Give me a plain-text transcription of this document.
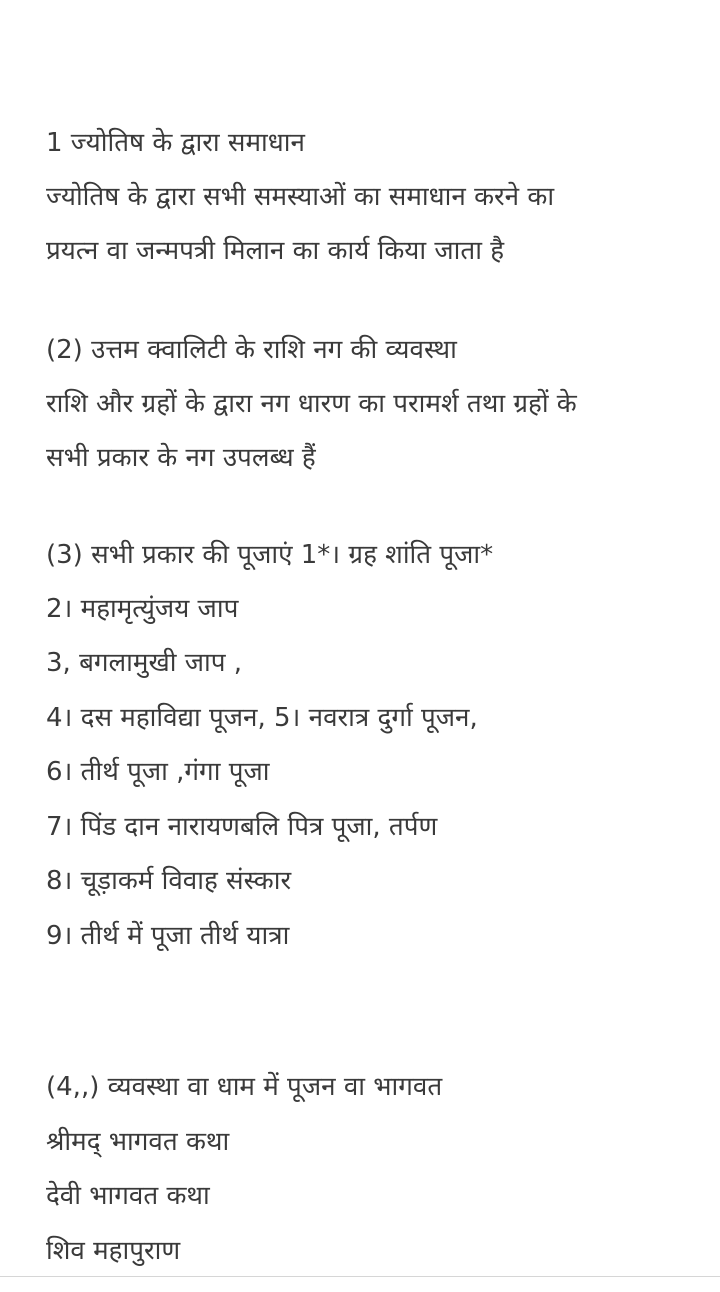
1 ज्योतिष के द्वारा समाधान
ज्योतिष के द्वारा सभी समस्याओं का समाधान करने का
प्रयत्न वा जन्मपत्री मिलान का कार्य किया जाता है
(2) उत्तम क्वालिटी के राशि नग की व्यवस्था
राशि और ग्रहों के द्वारा नग धारण का परामर्श तथा ग्रहों के
सभी प्रकार के नग उपलब्ध हैं
(3) सभी प्रकार की पूजाएं 1*। ग्रह शांति पूजा*
2। महामृत्युंजय जाप
3, बगलामुखी जाप ,
4। दस महाविद्या पूजन, 5। नवरात्र दुर्गा पूजन,
6। तीर्थ पूजा ,गंगा पूजा
7। पिंड दान नारायणबलि पित्र पूजा, तर्पण
8। चूड़ाकर्म विवाह संस्कार
9। तीर्थ में पूजा तीर्थ यात्रा
(4,,) व्यवस्था वा धाम में पूजन वा भागवत
श्रीमद् भागवत कथा
देवी भागवत कथा
शिव महापुराण
